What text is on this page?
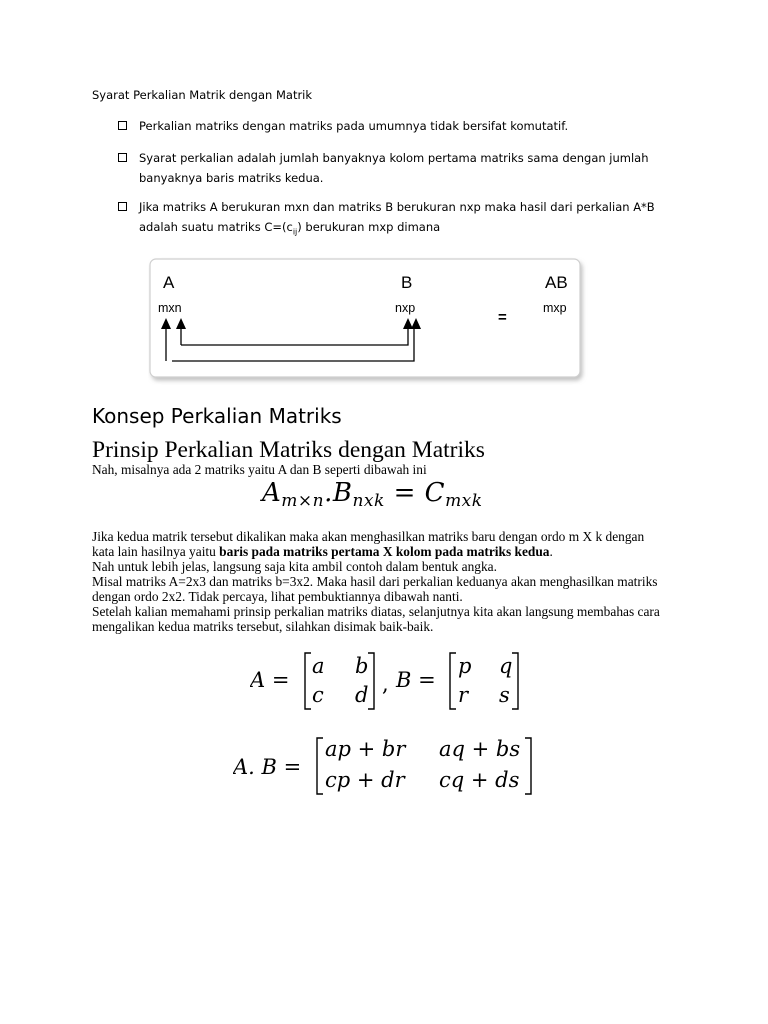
Syarat Perkalian Matrik dengan Matrik
Perkalian matriks dengan matriks pada umumnya tidak bersifat komutatif.
Syarat perkalian adalah jumlah banyaknya kolom pertama matriks sama dengan jumlah banyaknya baris matriks kedua.
Jika matriks A berukuran mxn dan matriks B berukuran nxp maka hasil dari perkalian A*B adalah suatu matriks $C=(c_{ij})$ berukuran mxp dimana
A
mxn
B
nxp
=
AB
mxp
Konsep Perkalian Matriks
Prinsip Perkalian Matriks dengan Matriks
Nah, misalnya ada 2 matriks yaitu A dan B seperti dibawah ini
$A_{m\times n}.B_{nxk} = C_{mxk}$
Jika kedua matrik tersebut dikalikan maka akan menghasilkan matriks baru dengan ordo m X k dengan
kata lain hasilnya yaitu baris pada matriks pertama X kolom pada matriks kedua.
Nah untuk lebih jelas, langsung saja kita ambil contoh dalam bentuk angka.
Misal matriks A=2x3 dan matriks b=3x2. Maka hasil dari perkalian keduanya akan menghasilkan matriks
dengan ordo 2x2. Tidak percaya, lihat pembuktiannya dibawah nanti.
Setelah kalian memahami prinsip perkalian matriks diatas, selanjutnya kita akan langsung membahas cara
mengalikan kedua matriks tersebut, silahkan disimak baik-baik.
A =
a b
c d , B =
p q
r s
A. B =
ap + br aq + bs
cp + dr cq + ds
